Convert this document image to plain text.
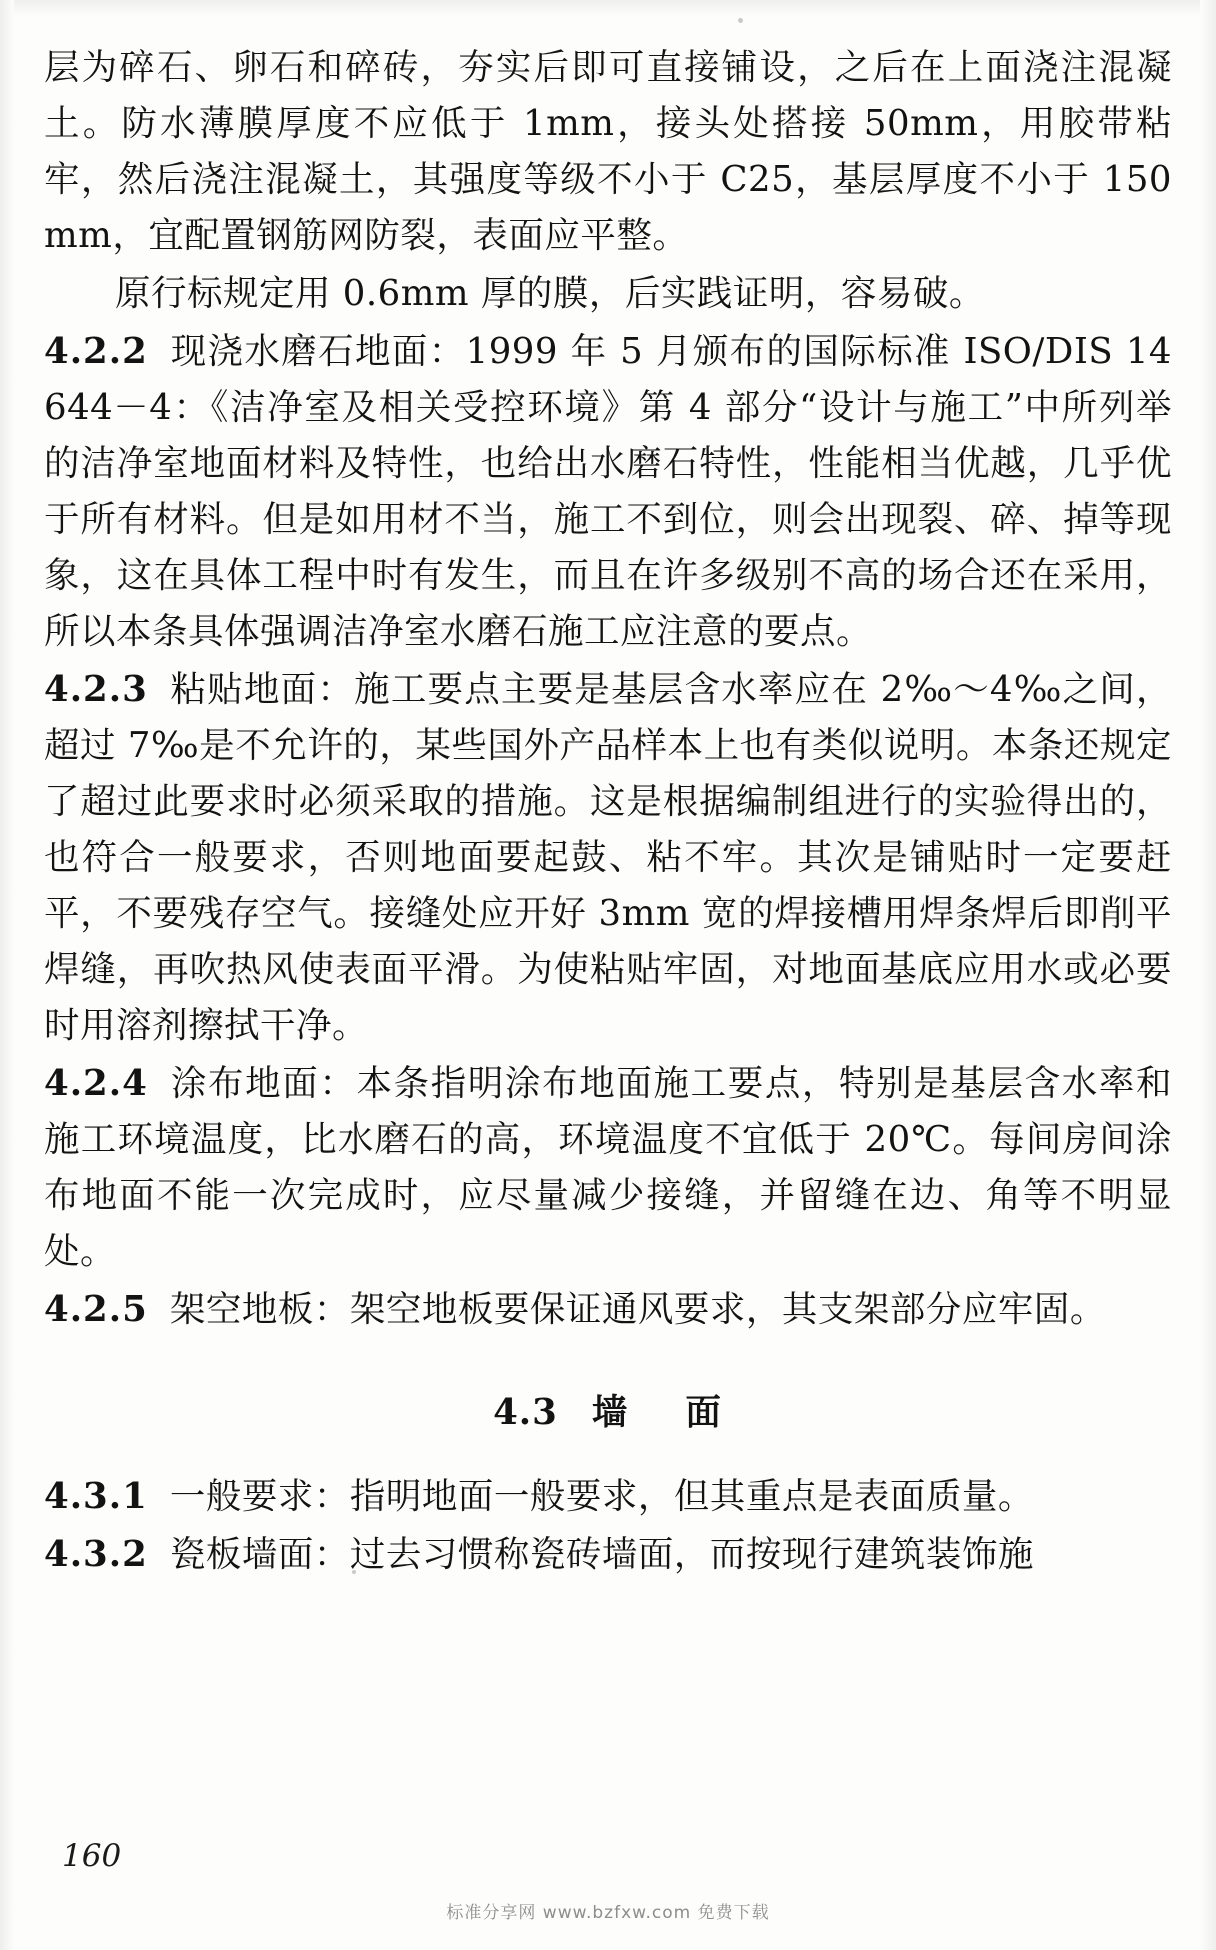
层为碎石、卵石和碎砖，夯实后即可直接铺设，之后在上面浇注混凝土。防水薄膜厚度不应低于 1mm，接头处搭接 50mm，用胶带粘牢，然后浇注混凝土，其强度等级不小于 C25，基层厚度不小于 150mm，宜配置钢筋网防裂，表面应平整。

原行标规定用 0.6mm 厚的膜，后实践证明，容易破。

4.2.2 现浇水磨石地面：1999 年 5 月颁布的国际标准 ISO/DIS 14644－4：《洁净室及相关受控环境》第 4 部分“设计与施工”中所列举的洁净室地面材料及特性，也给出水磨石特性，性能相当优越，几乎优于所有材料。但是如用材不当，施工不到位，则会出现裂、碎、掉等现象，这在具体工程中时有发生，而且在许多级别不高的场合还在采用，所以本条具体强调洁净室水磨石施工应注意的要点。

4.2.3 粘贴地面：施工要点主要是基层含水率应在 2‰～4‰之间，超过 7‰是不允许的，某些国外产品样本上也有类似说明。本条还规定了超过此要求时必须采取的措施。这是根据编制组进行的实验得出的，也符合一般要求，否则地面要起鼓、粘不牢。其次是铺贴时一定要赶平，不要残存空气。接缝处应开好 3mm 宽的焊接槽用焊条焊后即削平焊缝，再吹热风使表面平滑。为使粘贴牢固，对地面基底应用水或必要时用溶剂擦拭干净。

4.2.4 涂布地面：本条指明涂布地面施工要点，特别是基层含水率和施工环境温度，比水磨石的高，环境温度不宜低于 20℃。每间房间涂布地面不能一次完成时，应尽量减少接缝，并留缝在边、角等不明显处。

4.2.5 架空地板：架空地板要保证通风要求，其支架部分应牢固。

4.3 墙 面

4.3.1 一般要求：指明地面一般要求，但其重点是表面质量。

4.3.2 瓷板墙面：过去习惯称瓷砖墙面，而按现行建筑装饰施

160
标准分享网 www.bzfxw.com 免费下载
